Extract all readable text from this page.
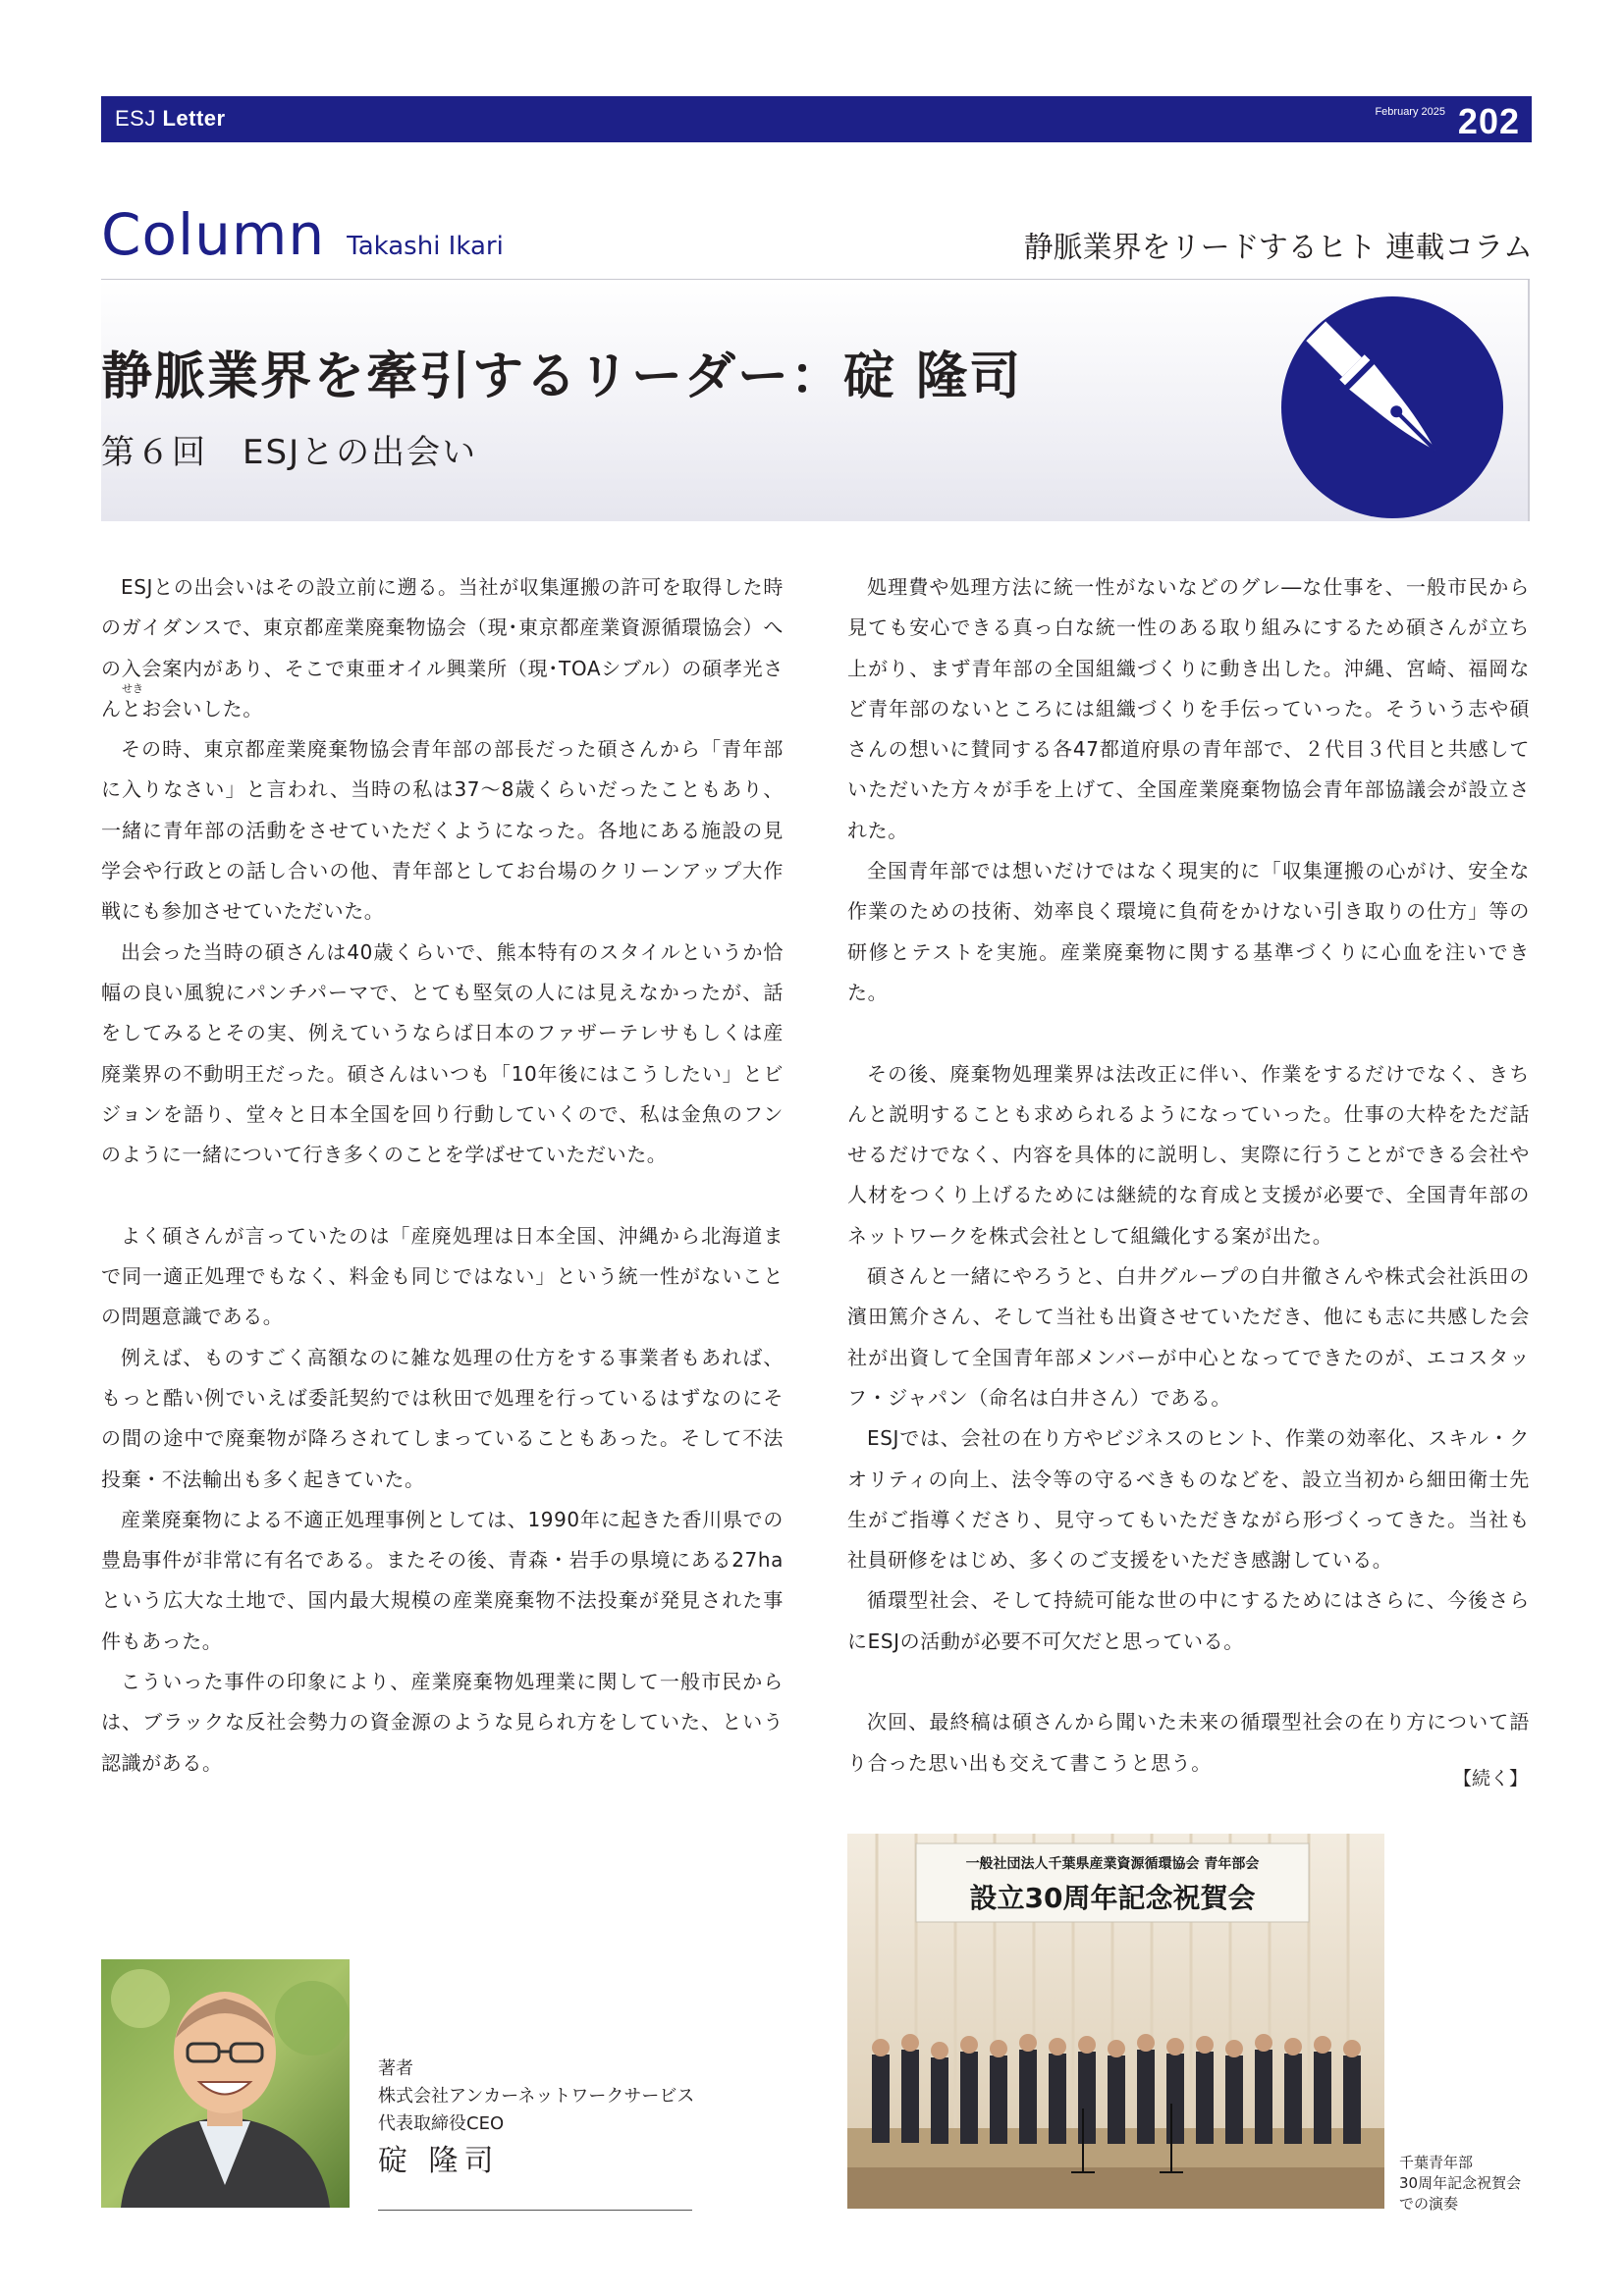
ESJ Letter	February 2025 202
Column Takashi Ikari	静脈業界をリードするヒト 連載コラム
静脈業界を牽引するリーダー：碇 隆司
第６回　ESJとの出会い
せき

ESJとの出会いはその設立前に遡る。当社が収集運搬の許可を取得した時のガイダンスで、東京都産業廃棄物協会（現･東京都産業資源循環協会）への入会案内があり、そこで東亜オイル興業所（現･TOAシブル）の碩孝光さんとお会いした。

その時、東京都産業廃棄物協会青年部の部長だった碩さんから「青年部に入りなさい」と言われ、当時の私は37～8歳くらいだったこともあり、一緒に青年部の活動をさせていただくようになった。各地にある施設の見学会や行政との話し合いの他、青年部としてお台場のクリーンアップ大作戦にも参加させていただいた。

出会った当時の碩さんは40歳くらいで、熊本特有のスタイルというか恰幅の良い風貌にパンチパーマで、とても堅気の人には見えなかったが、話をしてみるとその実、例えていうならば日本のファザーテレサもしくは産廃業界の不動明王だった。碩さんはいつも「10年後にはこうしたい」とビジョンを語り、堂々と日本全国を回り行動していくので、私は金魚のフンのように一緒について行き多くのことを学ばせていただいた。

よく碩さんが言っていたのは「産廃処理は日本全国、沖縄から北海道まで同一適正処理でもなく、料金も同じではない」という統一性がないことの問題意識である。

例えば、ものすごく高額なのに雑な処理の仕方をする事業者もあれば、もっと酷い例でいえば委託契約では秋田で処理を行っているはずなのにその間の途中で廃棄物が降ろされてしまっていることもあった。そして不法投棄・不法輸出も多く起きていた。

産業廃棄物による不適正処理事例としては、1990年に起きた香川県での豊島事件が非常に有名である。またその後、青森・岩手の県境にある27haという広大な土地で、国内最大規模の産業廃棄物不法投棄が発見された事件もあった。

こういった事件の印象により、産業廃棄物処理業に関して一般市民からは、ブラックな反社会勢力の資金源のような見られ方をしていた、という認識がある。

処理費や処理方法に統一性がないなどのグレ―な仕事を、一般市民から見ても安心できる真っ白な統一性のある取り組みにするため碩さんが立ち上がり、まず青年部の全国組織づくりに動き出した。沖縄、宮崎、福岡など青年部のないところには組織づくりを手伝っていった。そういう志や碩さんの想いに賛同する各47都道府県の青年部で、２代目３代目と共感していただいた方々が手を上げて、全国産業廃棄物協会青年部協議会が設立された。

全国青年部では想いだけではなく現実的に「収集運搬の心がけ、安全な作業のための技術、効率良く環境に負荷をかけない引き取りの仕方」等の研修とテストを実施。産業廃棄物に関する基準づくりに心血を注いできた。

その後、廃棄物処理業界は法改正に伴い、作業をするだけでなく、きちんと説明することも求められるようになっていった。仕事の大枠をただ話せるだけでなく、内容を具体的に説明し、実際に行うことができる会社や人材をつくり上げるためには継続的な育成と支援が必要で、全国青年部のネットワークを株式会社として組織化する案が出た。

碩さんと一緒にやろうと、白井グループの白井徹さんや株式会社浜田の濱田篤介さん、そして当社も出資させていただき、他にも志に共感した会社が出資して全国青年部メンバーが中心となってできたのが、エコスタッフ・ジャパン（命名は白井さん）である。

ESJでは、会社の在り方やビジネスのヒント、作業の効率化、スキル・クオリティの向上、法令等の守るべきものなどを、設立当初から細田衛士先生がご指導くださり、見守ってもいただきながら形づくってきた。当社も社員研修をはじめ、多くのご支援をいただき感謝している。

循環型社会、そして持続可能な世の中にするためにはさらに、今後さらにESJの活動が必要不可欠だと思っている。

次回、最終稿は碩さんから聞いた未来の循環型社会の在り方について語り合った思い出も交えて書こうと思う。

【続く】
著者
株式会社アンカーネットワークサービス
代表取締役CEO
碇 隆司
一般社団法人千葉県産業資源循環協会 青年部会
設立30周年記念祝賀会
千葉青年部
30周年記念祝賀会
での演奏
